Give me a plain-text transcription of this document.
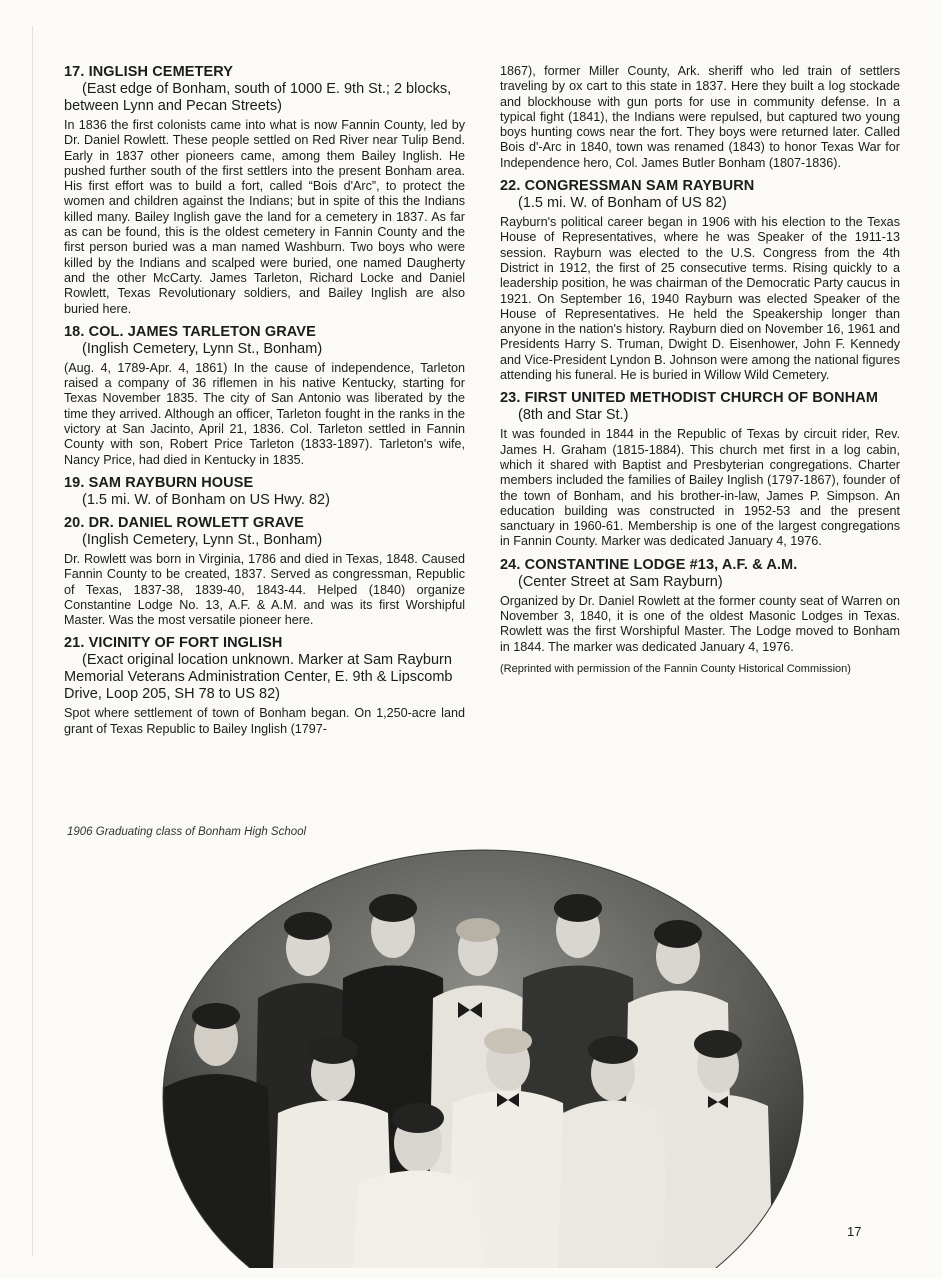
17. INGLISH CEMETERY

(East edge of Bonham, south of 1000 E. 9th St.; 2 blocks, between Lynn and Pecan Streets)

In 1836 the first colonists came into what is now Fannin County, led by Dr. Daniel Rowlett. These people settled on Red River near Tulip Bend. Early in 1837 other pioneers came, among them Bailey Inglish. He pushed further south of the first settlers into the present Bonham area. His first effort was to build a fort, called “Bois d'Arc”, to protect the women and children against the Indians; but in spite of this the Indians killed many. Bailey Inglish gave the land for a cemetery in 1837. As far as can be found, this is the oldest cemetery in Fannin County and the first person buried was a man named Washburn. Two boys who were killed by the Indians and scalped were buried, one named Daugherty and the other McCarty. James Tarleton, Richard Locke and Daniel Rowlett, Texas Revolutionary soldiers, and Bailey Inglish are also buried here.

18. COL. JAMES TARLETON GRAVE

(Inglish Cemetery, Lynn St., Bonham)

(Aug. 4, 1789-Apr. 4, 1861) In the cause of independence, Tarleton raised a company of 36 riflemen in his native Kentucky, starting for Texas November 1835. The city of San Antonio was liberated by the time they arrived. Although an officer, Tarleton fought in the ranks in the victory at San Jacinto, April 21, 1836. Col. Tarleton settled in Fannin County with son, Robert Price Tarleton (1833-1897). Tarleton's wife, Nancy Price, had died in Kentucky in 1835.

19. SAM RAYBURN HOUSE

(1.5 mi. W. of Bonham on US Hwy. 82)

20. DR. DANIEL ROWLETT GRAVE

(Inglish Cemetery, Lynn St., Bonham)

Dr. Rowlett was born in Virginia, 1786 and died in Texas, 1848. Caused Fannin County to be created, 1837. Served as congressman, Republic of Texas, 1837-38, 1839-40, 1843-44. Helped (1840) organize Constantine Lodge No. 13, A.F. & A.M. and was its first Worshipful Master. Was the most versatile pioneer here.

21. VICINITY OF FORT INGLISH

(Exact original location unknown. Marker at Sam Rayburn Memorial Veterans Administration Center, E. 9th & Lipscomb Drive, Loop 205, SH 78 to US 82)

Spot where settlement of town of Bonham began. On 1,250-acre land grant of Texas Republic to Bailey Inglish (1797-

1867), former Miller County, Ark. sheriff who led train of settlers traveling by ox cart to this state in 1837. Here they built a log stockade and blockhouse with gun ports for use in community defense. In a typical fight (1841), the Indians were repulsed, but captured two young boys hunting cows near the fort. They boys were returned later. Called Bois d'-Arc in 1840, town was renamed (1843) to honor Texas War for Independence hero, Col. James Butler Bonham (1807-1836).

22. CONGRESSMAN SAM RAYBURN

(1.5 mi. W. of Bonham of US 82)

Rayburn's political career began in 1906 with his election to the Texas House of Representatives, where he was Speaker of the 1911-13 session. Rayburn was elected to the U.S. Congress from the 4th District in 1912, the first of 25 consecutive terms. Rising quickly to a leadership position, he was chairman of the Democratic Party caucus in 1921. On September 16, 1940 Rayburn was elected Speaker of the House of Representatives. He held the Speakership longer than anyone in the nation's history. Rayburn died on November 16, 1961 and Presidents Harry S. Truman, Dwight D. Eisenhower, John F. Kennedy and Vice-President Lyndon B. Johnson were among the national figures attending his funeral. He is buried in Willow Wild Cemetery.

23. FIRST UNITED METHODIST CHURCH OF BONHAM

(8th and Star St.)

It was founded in 1844 in the Republic of Texas by circuit rider, Rev. James H. Graham (1815-1884). This church met first in a log cabin, which it shared with Baptist and Presbyterian congregations. Charter members included the families of Bailey Inglish (1797-1867), founder of the town of Bonham, and his brother-in-law, James P. Simpson. An education building was constructed in 1952-53 and the present sanctuary in 1960-61. Membership is one of the largest congregations in Fannin County. Marker was dedicated January 4, 1976.

24. CONSTANTINE LODGE #13, A.F. & A.M.

(Center Street at Sam Rayburn)

Organized by Dr. Daniel Rowlett at the former county seat of Warren on November 3, 1840, it is one of the oldest Masonic Lodges in Texas. Rowlett was the first Worshipful Master. The Lodge moved to Bonham in 1844. The marker was dedicated January 4, 1976.

(Reprinted with permission of the Fannin County Historical Commission)

1906 Graduating class of Bonham High School
17
